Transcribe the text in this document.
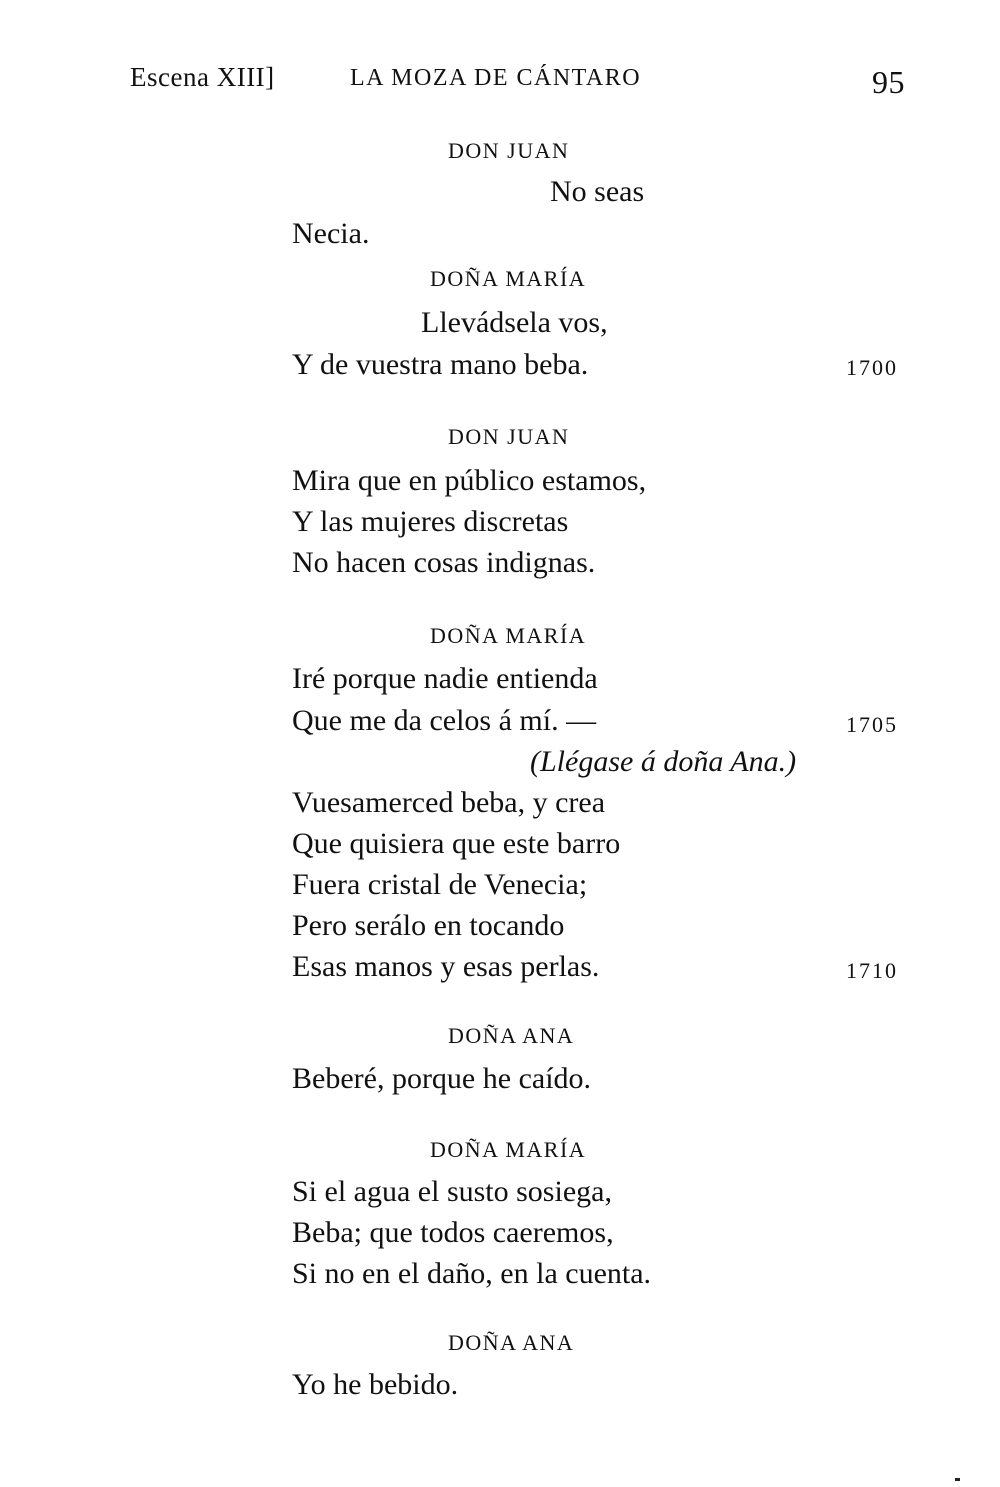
Escena XIII]	LA MOZA DE CÁNTARO	95
DON JUAN
No seas
Necia.
DOÑA MARÍA
Llevádsela vos,
Y de vuestra mano beba.	1700
DON JUAN
Mira que en público estamos,
Y las mujeres discretas
No hacen cosas indignas.
DOÑA MARÍA
Iré porque nadie entienda
Que me da celos á mí. —	1705
(Llégase á doña Ana.)
Vuesamerced beba, y crea
Que quisiera que este barro
Fuera cristal de Venecia;
Pero serálo en tocando
Esas manos y esas perlas.	1710
DOÑA ANA
Beberé, porque he caído.
DOÑA MARÍA
Si el agua el susto sosiega,
Beba; que todos caeremos,
Si no en el daño, en la cuenta.
DOÑA ANA
Yo he bebido.
